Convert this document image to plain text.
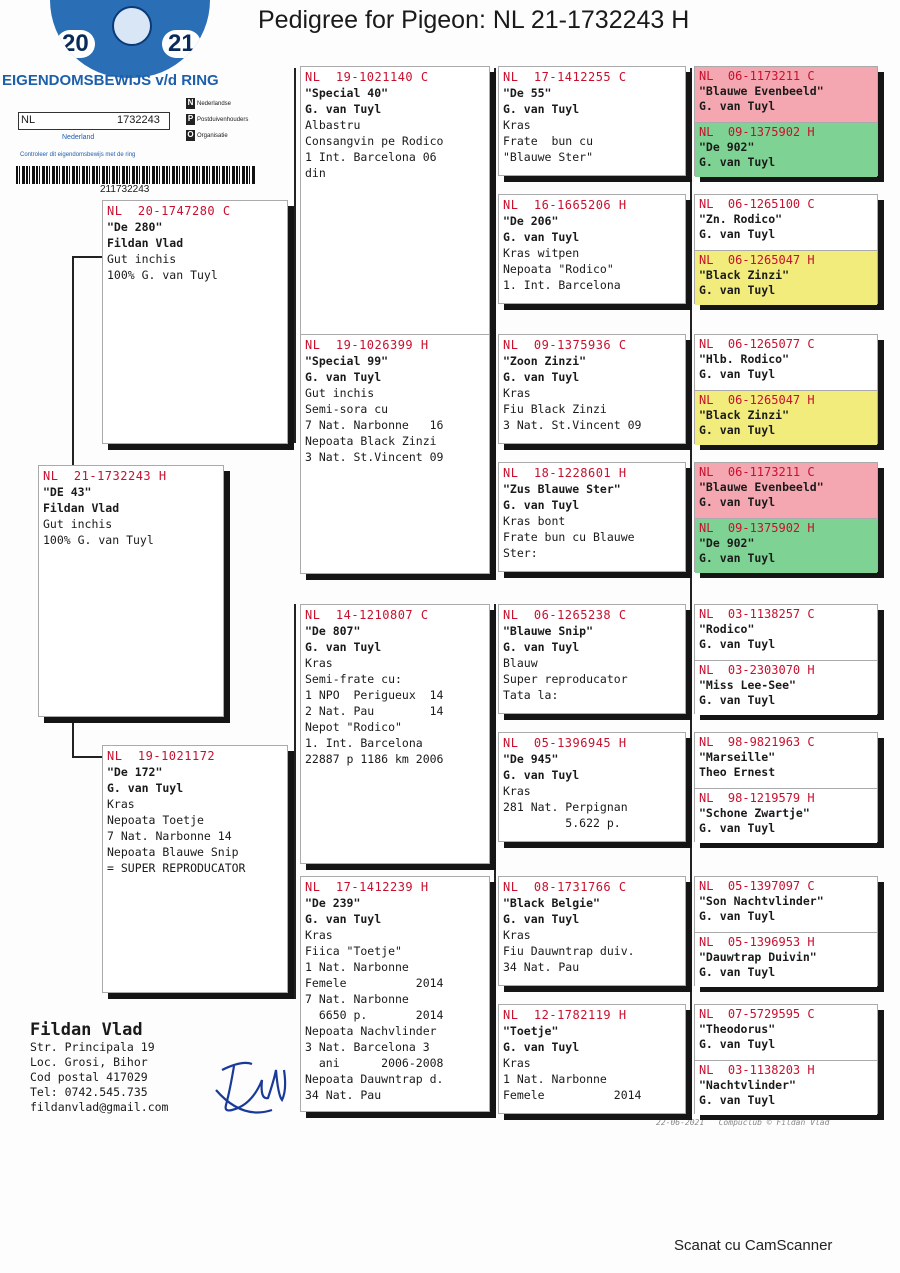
Pedigree for Pigeon: NL 21-1732243 H
20	21
EIGENDOMSBEWIJS v/d RING
NL	1732243
N Nederlandse
P Postduivenhouders
O Organisatie
Nederland
Controleer dit eigendomsbewijs met de ring
211732243
Fildan Vlad
Str. Principala 19
Loc. Grosi, Bihor
Cod postal 417029
Tel: 0742.545.735
fildanvlad@gmail.com
22-06-2021   Compuclub © Fildan Vlad
Scanat cu CamScanner
NL  21-1732243 H
"DE 43"
Fildan Vlad
Gut inchis
100% G. van Tuyl
NL  20-1747280 C
"De 280"
Fildan Vlad
Gut inchis
100% G. van Tuyl
NL  19-1021172
"De 172"
G. van Tuyl
Kras
Nepoata Toetje
7 Nat. Narbonne 14
Nepoata Blauwe Snip
= SUPER REPRODUCATOR
NL  19-1021140 C
"Special 40"
G. van Tuyl
Albastru
Consangvin pe Rodico
1 Int. Barcelona 06
din
NL  19-1026399 H
"Special 99"
G. van Tuyl
Gut inchis
Semi-sora cu
7 Nat. Narbonne   16
Nepoata Black Zinzi
3 Nat. St.Vincent 09
NL  14-1210807 C
"De 807"
G. van Tuyl
Kras
Semi-frate cu:
1 NPO  Perigueux  14
2 Nat. Pau        14
Nepot "Rodico"
1. Int. Barcelona
22887 p 1186 km 2006
NL  17-1412239 H
"De 239"
G. van Tuyl
Kras
Fiica "Toetje"
1 Nat. Narbonne
Femele          2014
7 Nat. Narbonne
6650 p.       2014
Nepoata Nachvlinder
3 Nat. Barcelona 3
ani      2006-2008
Nepoata Dauwntrap d.
34 Nat. Pau
NL  17-1412255 C
"De 55"
G. van Tuyl
Kras
Frate  bun cu
"Blauwe Ster"
NL  16-1665206 H
"De 206"
G. van Tuyl
Kras witpen
Nepoata "Rodico"
1. Int. Barcelona
NL  09-1375936 C
"Zoon Zinzi"
G. van Tuyl
Kras
Fiu Black Zinzi
3 Nat. St.Vincent 09
NL  18-1228601 H
"Zus Blauwe Ster"
G. van Tuyl
Kras bont
Frate bun cu Blauwe
Ster:
NL  06-1265238 C
"Blauwe Snip"
G. van Tuyl
Blauw
Super reproducator
Tata la:
NL  05-1396945 H
"De 945"
G. van Tuyl
Kras
281 Nat. Perpignan
5.622 p.
NL  08-1731766 C
"Black Belgie"
G. van Tuyl
Kras
Fiu Dauwntrap duiv.
34 Nat. Pau
NL  12-1782119 H
"Toetje"
G. van Tuyl
Kras
1 Nat. Narbonne
Femele          2014
NL  06-1173211 C
"Blauwe Evenbeeld"
G. van Tuyl
NL  09-1375902 H
"De 902"
G. van Tuyl
NL  06-1265100 C
"Zn. Rodico"
G. van Tuyl
NL  06-1265047 H
"Black Zinzi"
G. van Tuyl
NL  06-1265077 C
"Hlb. Rodico"
G. van Tuyl
NL  06-1265047 H
"Black Zinzi"
G. van Tuyl
NL  06-1173211 C
"Blauwe Evenbeeld"
G. van Tuyl
NL  09-1375902 H
"De 902"
G. van Tuyl
NL  03-1138257 C
"Rodico"
G. van Tuyl
NL  03-2303070 H
"Miss Lee-See"
G. van Tuyl
NL  98-9821963 C
"Marseille"
Theo Ernest
NL  98-1219579 H
"Schone Zwartje"
G. van Tuyl
NL  05-1397097 C
"Son Nachtvlinder"
G. van Tuyl
NL  05-1396953 H
"Dauwtrap Duivin"
G. van Tuyl
NL  07-5729595 C
"Theodorus"
G. van Tuyl
NL  03-1138203 H
"Nachtvlinder"
G. van Tuyl
